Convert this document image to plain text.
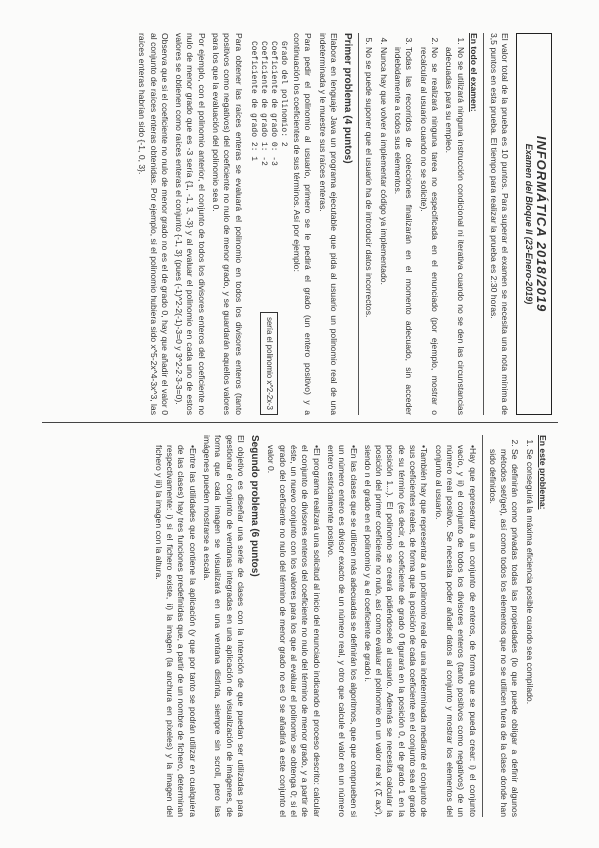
INFORMÁTICA 2018/2019
Examen del Bloque II (23-Enero-2019)

El valor total de la prueba es 10 puntos. Para superar el examen se necesita una nota mínima de 3,5 puntos en esta prueba. El tiempo para realizar la prueba es 2:30 horas.

En todo el examen:
1. No se utilizará ninguna instrucción condicional ni iterativa cuando no se den las circunstancias adecuadas para su empleo.
2. No se realizará ninguna tarea no especificada en el enunciado (por ejemplo, mostrar o recalcular al usuario cuando no se solicite).
3. Todas las recorridos de colecciones finalizarán en el momento adecuado, sin acceder indebidamente a todos sus elementos.
4. Nunca hay que volver a implementar código ya implementado.
5. No se puede suponer que el usuario ha de introducir datos incorrectos.
Primer problema (4 puntos)

Elabora en lenguaje Java un programa ejecutable que pida al usuario un polinomio real de una indeterminada y le muestre sus raíces enteras.

Para pedir el polinomio al usuario, primero se le pedirá el grado (un entero positivo) y a continuación los coeficientes de sus términos. Así por ejemplo:

Grado del polinomio: 2
Coeficiente de grado 0: -3
Coeficiente de grado 1: -2
Coeficiente de grado 2: 1
sería el polinomio x^2-2x-3

Para obtener las raíces enteras se evaluará el polinomio en todos los divisores enteros (tanto positivos como negativos) del coeficiente no nulo de menor grado, y se guardarán aquellos valores para los que la evaluación del polinomio sea 0.

Por ejemplo, con el polinomio anterior, el conjunto de todos los divisores enteros del coeficiente no nulo de menor grado que es -3 sería {1, -1, 3, -3} y al evaluar el polinomio en cada uno de estos valores se obtienen como raíces enteras el conjunto {-1, 3} (pues (-1)^2-2(-1)-3=0 y 3^2-2·3-3=0).

Observa que si el coeficiente no nulo de menor grado no es el de grado 0, hay que añadir el valor 0 al conjunto de raíces enteras obtenidas. Por ejemplo, si el polinomio hubiera sido x^5-2x^4-3x^3, las raíces enteras habrían sido {-1, 0, 3}.

En este problema:
1. Se conseguirá la máxima eficiencia posible cuando sea compilado.
2. Se definirán como privadas todas las propiedades (lo que puede obligar a definir algunos métodos set/get), así como todos los elementos que no se utilicen fuera de la clase donde han sido definidos.
• Hay que representar a un conjunto de enteros, de forma que se pueda crear: i) el conjunto vacío, y ii) el conjunto de todos los divisores enteros (tanto positivos como negativos) de un número real positivo. Se necesita poder añadir datos al conjunto y mostrar los elementos del conjunto al usuario.
• También hay que representar a un polinomio real de una indeterminada mediante el conjunto de sus coeficientes reales, de forma que la posición de cada coeficiente en el conjunto sea el grado de su término (es decir, el coeficiente de grado 0 figurará en la posición 0, el de grado 1 en la posición 1...). El polinomio se creará pidiéndoselo al usuario. Además se necesita calcular la posición del primer coeficiente no nulo, así como evaluar el polinomio en un valor real x (Σ aᵢxⁱ), siendo n el grado en el polinomio y aᵢ el coeficiente de grado i.
• En las clases que se utilicen más adecuadas se definirán los algoritmos, que que comprueben si un número entero es divisor exacto de un número real, y otro que calcule el valor en un número entero estrictamente positivo.
• El programa realizará una solicitud al inicio del enunciado indicando el proceso descrito: calcular el conjunto de divisores enteros del coeficiente no nulo del término de menor grado, y a partir de éste, un nuevo conjunto con los valores para los que al evaluar el polinomio se obtenga 0; si el grado del coeficiente no nulo del término de menor grado no es 0 se añadirá a este conjunto el valor 0.
Segundo problema (6 puntos)

El objetivo es diseñar una serie de clases con la intención de que puedan ser utilizadas para gestionar el conjunto de ventanas integradas en una aplicación de visualización de imágenes, de forma que cada imagen se visualizará en una ventana distinta, siempre sin scroll, pero las imágenes pueden mostrarse a escala.

• Entre las utilidades que contiene la aplicación (y que por tanto se podrán utilizar en cualquiera de las clases) hay tres funciones predefinidas que, a partir de un nombre de fichero, determinan respectivamente: i) si el fichero existe, ii) la imagen (la anchura en píxeles) y la imagen del fichero y iii) la imagen con la altura.
